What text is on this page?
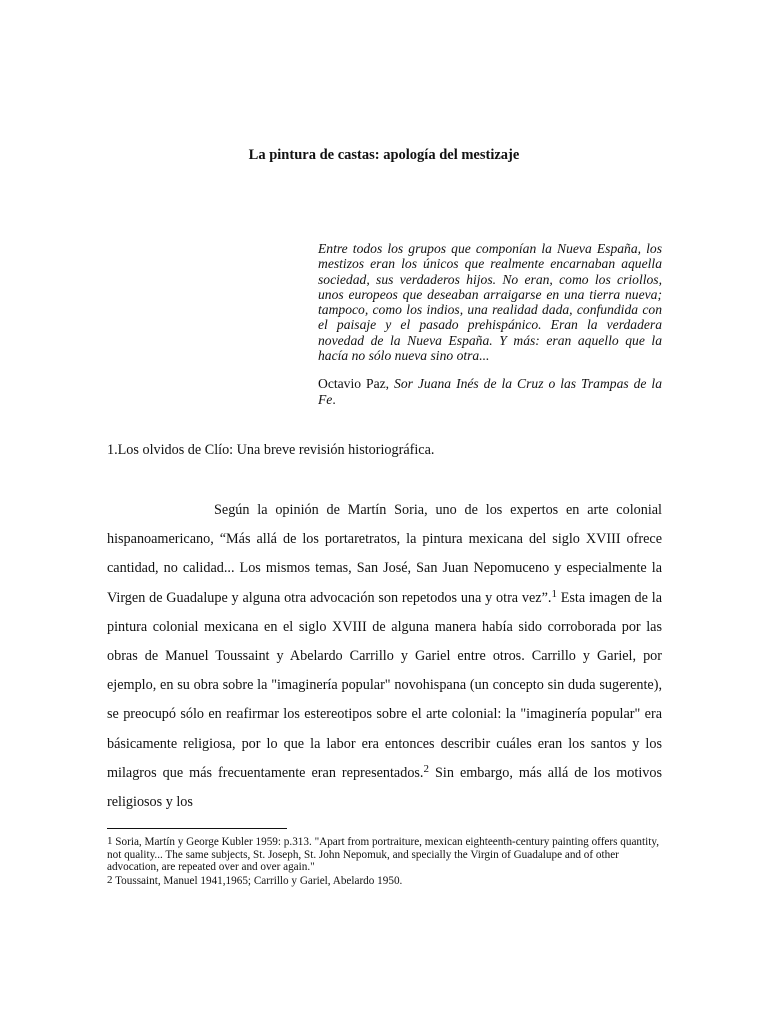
La pintura de castas: apología del mestizaje

Entre todos los grupos que componían la Nueva España, los mestizos eran los únicos que realmente encarnaban aquella sociedad, sus verdaderos hijos. No eran, como los criollos, unos europeos que deseaban arraigarse en una tierra nueva; tampoco, como los indios, una realidad dada, confundida con el paisaje y el pasado prehispánico. Eran la verdadera novedad de la Nueva España. Y más: eran aquello que la hacía no sólo nueva sino otra...

Octavio Paz, Sor Juana Inés de la Cruz o las Trampas de la Fe.

1.Los olvidos de Clío: Una breve revisión historiográfica.

Según la opinión de Martín Soria, uno de los expertos en arte colonial hispanoamericano, “Más allá de los portaretratos, la pintura mexicana del siglo XVIII ofrece cantidad, no calidad... Los mismos temas, San José, San Juan Nepomuceno y especialmente la Virgen de Guadalupe y alguna otra advocación son repetodos una y otra vez”.$^1$ Esta imagen de la pintura colonial mexicana en el siglo XVIII de alguna manera había sido corroborada por las obras de Manuel Toussaint y Abelardo Carrillo y Gariel entre otros. Carrillo y Gariel, por ejemplo, en su obra sobre la "imaginería popular" novohispana (un concepto sin duda sugerente), se preocupó sólo en reafirmar los estereotipos sobre el arte colonial: la "imaginería popular" era básicamente religiosa, por lo que la labor era entonces describir cuáles eran los santos y los milagros que más frecuentamente eran representados.$^2$ Sin embargo, más allá de los motivos religiosos y los

$^1$ Soria, Martín y George Kubler 1959: p.313. "Apart from portraiture, mexican eighteenth-century painting offers quantity, not quality... The same subjects, St. Joseph, St. John Nepomuk, and specially the Virgin of Guadalupe and of other advocation, are repeated over and over again."

$^2$ Toussaint, Manuel 1941,1965; Carrillo y Gariel, Abelardo 1950.
